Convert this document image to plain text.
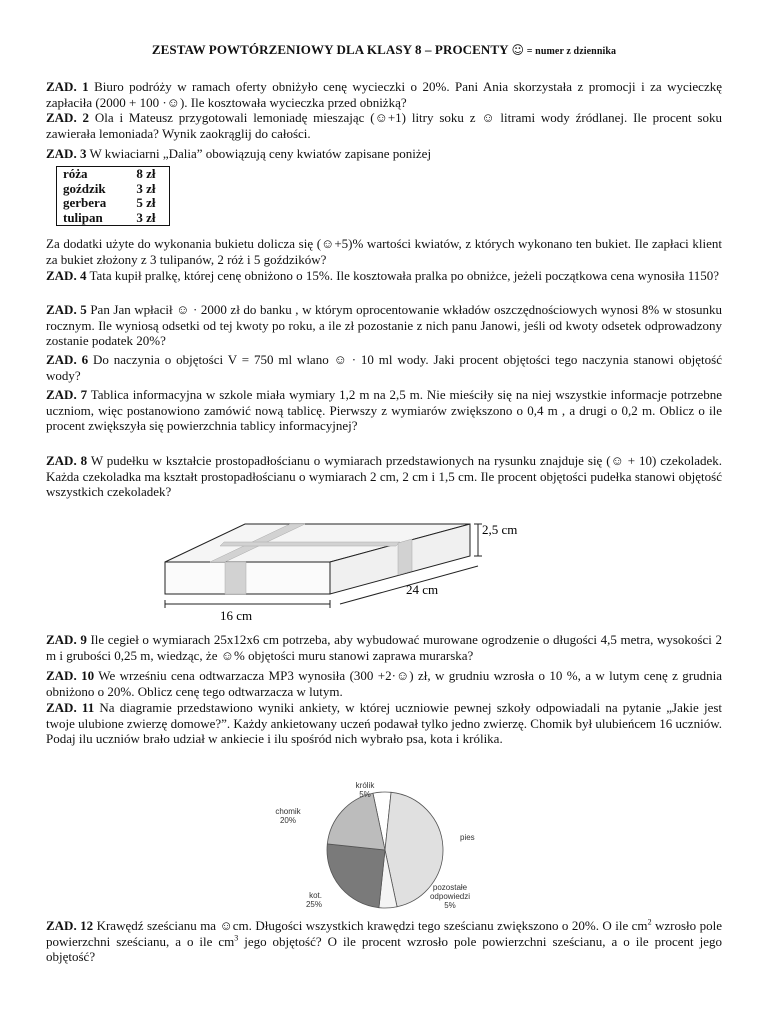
ZESTAW POWTÓRZENIOWY DLA KLASY 8 – PROCENTY ☺ = numer z dziennika
ZAD. 1 Biuro podróży w ramach oferty obniżyło cenę wycieczki o 20%. Pani Ania skorzystała z promocji i za wycieczkę zapłaciła (2000 + 100 ·☺). Ile kosztowała wycieczka przed obniżką?
ZAD. 2 Ola i Mateusz przygotowali lemoniadę mieszając (☺+1) litry soku z ☺ litrami wody źródlanej. Ile procent soku zawierała lemoniada? Wynik zaokrąglij do całości.
ZAD. 3 W kwiaciarni „Dalia” obowiązują ceny kwiatów zapisane poniżej
róża	8 zł
goździk	3 zł
gerbera	5 zł
tulipan	3 zł
Za dodatki użyte do wykonania bukietu dolicza się (☺+5)% wartości kwiatów, z których wykonano ten bukiet. Ile zapłaci klient za bukiet złożony z 3 tulipanów, 2 róż i 5 goździków?
ZAD. 4 Tata kupił pralkę, której cenę obniżono o 15%. Ile kosztowała pralka po obniżce, jeżeli początkowa cena wynosiła 1150?
ZAD. 5 Pan Jan wpłacił ☺ · 2000 zł do banku , w którym oprocentowanie wkładów oszczędnościowych wynosi 8% w stosunku rocznym. Ile wyniosą odsetki od tej kwoty po roku, a ile zł pozostanie z nich panu Janowi, jeśli od kwoty odsetek odprowadzony zostanie podatek 20%?
ZAD. 6 Do naczynia o objętości V = 750 ml wlano ☺ · 10 ml wody. Jaki procent objętości tego naczynia stanowi objętość wody?
ZAD. 7 Tablica informacyjna w szkole miała wymiary 1,2 m na 2,5 m. Nie mieściły się na niej wszystkie informacje potrzebne uczniom, więc postanowiono zamówić nową tablicę. Pierwszy z wymiarów zwiększono o 0,4 m , a drugi o 0,2 m. Oblicz o ile procent zwiększyła się powierzchnia tablicy informacyjnej?
ZAD. 8 W pudełku w kształcie prostopadłościanu o wymiarach przedstawionych na rysunku znajduje się (☺ + 10) czekoladek. Każda czekoladka ma kształt prostopadłościanu o wymiarach 2 cm, 2 cm i 1,5 cm. Ile procent objętości pudełka stanowi objętość wszystkich czekoladek?
2,5 cm
24 cm
16 cm
ZAD. 9 Ile cegieł o wymiarach 25x12x6 cm potrzeba, aby wybudować murowane ogrodzenie o długości 4,5 metra, wysokości 2 m i grubości 0,25 m, wiedząc, że ☺% objętości muru stanowi zaprawa murarska?
ZAD. 10 We wrześniu cena odtwarzacza MP3 wynosiła (300 +2·☺) zł, w grudniu wzrosła o 10 %, a w lutym cenę z grudnia obniżono o 20%. Oblicz cenę tego odtwarzacza w lutym.
ZAD. 11 Na diagramie przedstawiono wyniki ankiety, w której uczniowie pewnej szkoły odpowiadali na pytanie „Jakie jest twoje ulubione zwierzę domowe?”. Każdy ankietowany uczeń podawał tylko jedno zwierzę. Chomik był ulubieńcem 16 uczniów. Podaj ilu uczniów brało udział w ankiecie i ilu spośród nich wybrało psa, kota i królika.
królik 5%
pies
pozostałe odpowiedzi 5%
kot. 25%
chomik 20%
ZAD. 12 Krawędź sześcianu ma ☺cm. Długości wszystkich krawędzi tego sześcianu zwiększono o 20%. O ile $cm^2$ wzrosło pole powierzchni sześcianu, a o ile $cm^3$ jego objętość? O ile procent wzrosło pole powierzchni sześcianu, a o ile procent jego objętość?
